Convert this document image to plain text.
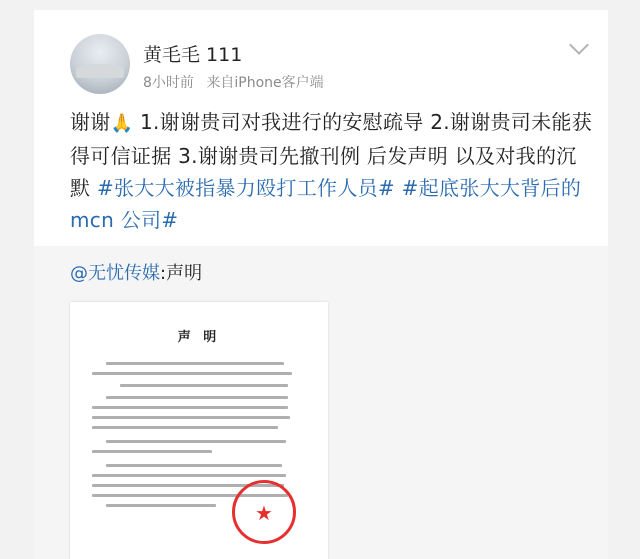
黄毛毛 111
8小时前 来自iPhone客户端
谢谢🙏 1.谢谢贵司对我进行的安慰疏导 2.谢谢贵司未能获得可信证据 3.谢谢贵司先撤刊例 后发声明 以及对我的沉默 #张大大被指暴力殴打工作人员# #起底张大大背后的 mcn 公司#
@无忧传媒:声明
声 明
★
